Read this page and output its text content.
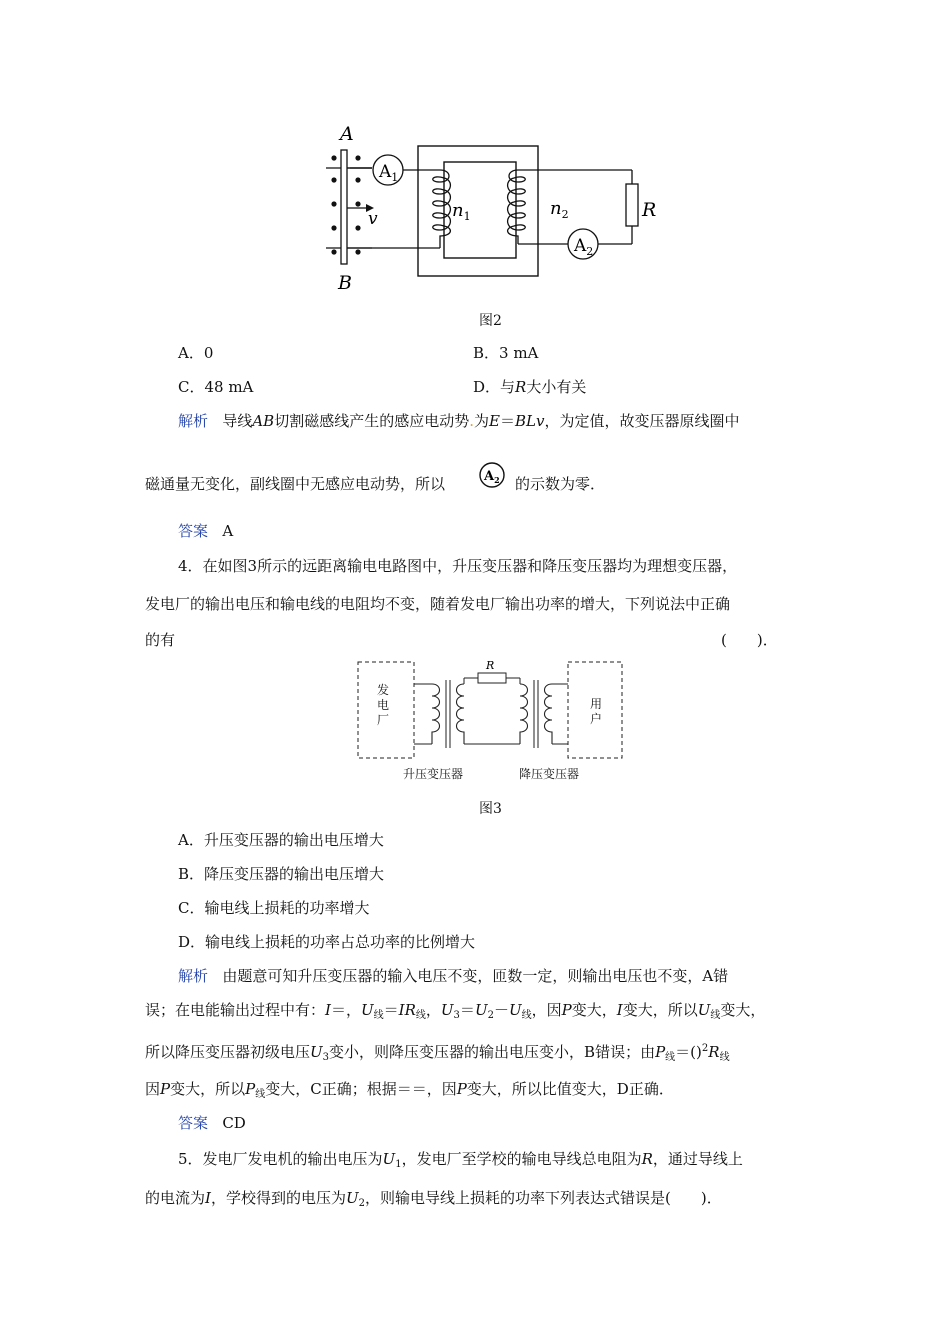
A
B
v
$A_1$
$n_1$	$n_2$	R
$A_2$
图2
A．0	B．3 mA
C．48 mA	D．与R大小有关
解析 导线AB切割磁感线产生的感应电动势.为E＝BLv，为定值，故变压器原线圈中
磁通量无变化，副线圈中无感应电动势，所以	$A_2$ 的示数为零．
答案 A
4．在如图3所示的远距离输电电路图中，升压变压器和降压变压器均为理想变压器，
发电厂的输出电压和输电线的电阻均不变，随着发电厂输出功率的增大，下列说法中正确
的有	(　　)．
R
发电厂
用户
升压变压器	降压变压器
图3
A．升压变压器的输出电压增大
B．降压变压器的输出电压增大
C．输电线上损耗的功率增大
D．输电线上损耗的功率占总功率的比例增大
解析 由题意可知升压变压器的输入电压不变，匝数一定，则输出电压也不变，A错
误；在电能输出过程中有：I＝，$U_线=IR_线$，$U_3=U_2-U_线$，因P变大，I变大，所以$U_线$变大，
所以降压变压器初级电压$U_3$变小，则降压变压器的输出电压变小，B错误；由$P_线=()^2R_线$
因P变大，所以$P_线$变大，C正确；根据＝＝，因P变大，所以比值变大，D正确．
答案 CD
5．发电厂发电机的输出电压为$U_1$，发电厂至学校的输电导线总电阻为R，通过导线上
的电流为I，学校得到的电压为$U_2$，则输电导线上损耗的功率下列表达式错误是(　　)．
